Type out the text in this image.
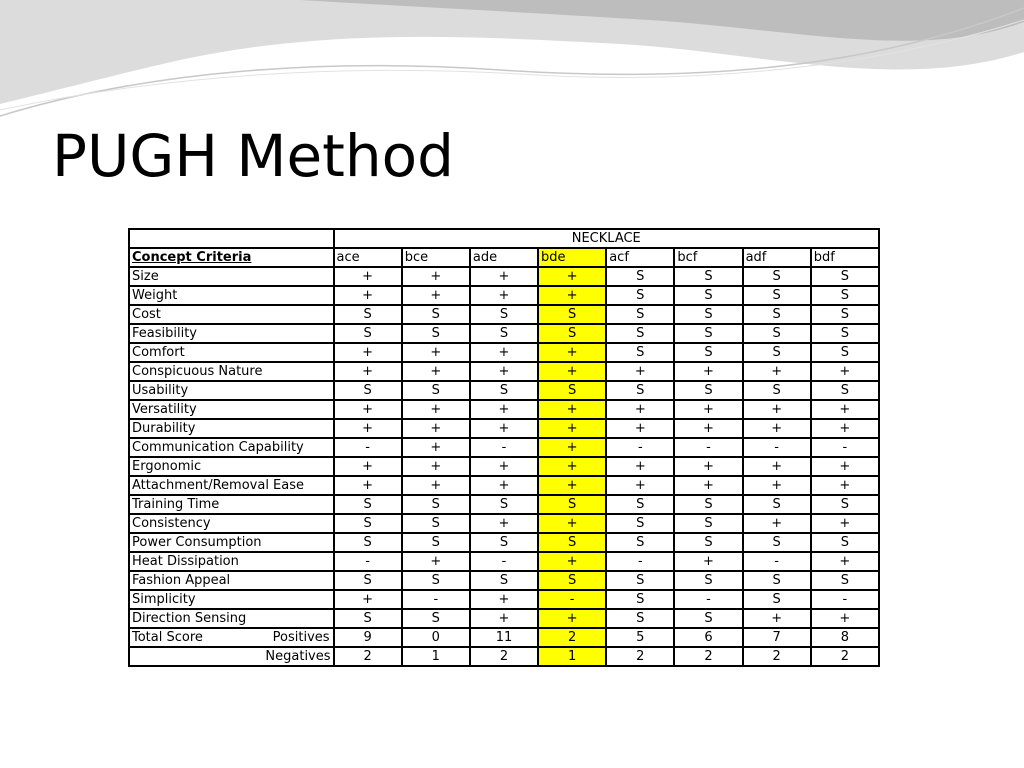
PUGH Method
	NECKLACE							
Concept Criteria	ace	bce	ade	bde	acf	bcf	adf	bdf
Size	+	+	+	+	S	S	S	S
Weight	+	+	+	+	S	S	S	S
Cost	S	S	S	S	S	S	S	S
Feasibility	S	S	S	S	S	S	S	S
Comfort	+	+	+	+	S	S	S	S
Conspicuous Nature	+	+	+	+	+	+	+	+
Usability	S	S	S	S	S	S	S	S
Versatility	+	+	+	+	+	+	+	+
Durability	+	+	+	+	+	+	+	+
Communication Capability	-	+	-	+	-	-	-	-
Ergonomic	+	+	+	+	+	+	+	+
Attachment/Removal Ease	+	+	+	+	+	+	+	+
Training Time	S	S	S	S	S	S	S	S
Consistency	S	S	+	+	S	S	+	+
Power Consumption	S	S	S	S	S	S	S	S
Heat Dissipation	-	+	-	+	-	+	-	+
Fashion Appeal	S	S	S	S	S	S	S	S
Simplicity	+	-	+	-	S	-	S	-
Direction Sensing	S	S	+	+	S	S	+	+

Total Score Positives	9	0	11	2	5	6	7	8
Negatives	2	1	2	1	2	2	2	2
